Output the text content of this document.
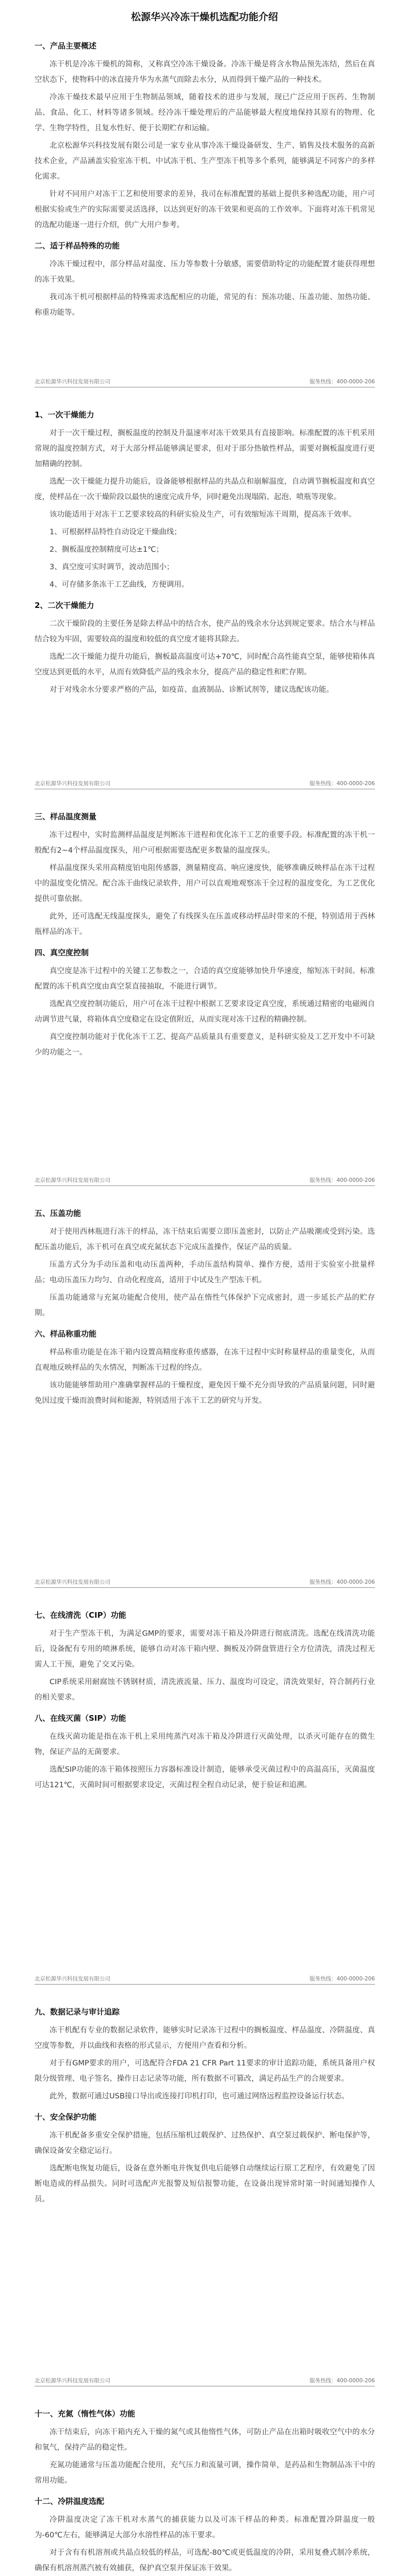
松源华兴冷冻干燥机选配功能介绍
一、产品主要概述

冻干机是冷冻干燥机的简称，又称真空冷冻干燥设备。冷冻干燥是将含水物品预先冻结，然后在真空状态下，使物料中的冰直接升华为水蒸气而除去水分，从而得到干燥产品的一种技术。

冷冻干燥技术最早应用于生物制品领域，随着技术的进步与发展，现已广泛应用于医药、生物制品、食品、化工、材料等诸多领域。经冷冻干燥处理后的产品能够最大程度地保持其原有的物理、化学、生物学特性，且复水性好、便于长期贮存和运输。

北京松源华兴科技发展有限公司是一家专业从事冷冻干燥设备研发、生产、销售及技术服务的高新技术企业，产品涵盖实验室冻干机、中试冻干机、生产型冻干机等多个系列，能够满足不同客户的多样化需求。

针对不同用户对冻干工艺和使用要求的差异，我司在标准配置的基础上提供多种选配功能，用户可根据实验或生产的实际需要灵活选择，以达到更好的冻干效果和更高的工作效率。下面将对冻干机常见的选配功能逐一进行介绍，供广大用户参考。

二、适于样品特殊的功能

冷冻干燥过程中，部分样品对温度、压力等参数十分敏感，需要借助特定的功能配置才能获得理想的冻干效果。

我司冻干机可根据样品的特殊需求选配相应的功能，常见的有：预冻功能、压盖功能、加热功能、称重功能等。

北京松源华兴科技发展有限公司	服务热线：400-0000-206
1、一次干燥能力

对于一次干燥过程，搁板温度的控制及升温速率对冻干效果具有直接影响。标准配置的冻干机采用常规的温度控制方式，对于大部分样品能够满足要求，但对于部分热敏性样品，需要对搁板温度进行更加精确的控制。

选配一次干燥能力提升功能后，设备能够根据样品的共晶点和崩解温度，自动调节搁板温度和真空度，使样品在一次干燥阶段以最快的速度完成升华，同时避免出现塌陷、起泡、喷瓶等现象。

该功能适用于对冻干工艺要求较高的科研实验及生产，可有效缩短冻干周期，提高冻干效率。

1、可根据样品特性自动设定干燥曲线；

2、搁板温度控制精度可达±1℃；

3、真空度可实时调节，波动范围小；

4、可存储多条冻干工艺曲线，方便调用。

2、二次干燥能力

二次干燥阶段的主要任务是除去样品中的结合水，使产品的残余水分达到规定要求。结合水与样品结合较为牢固，需要较高的温度和较低的真空度才能将其除去。

选配二次干燥能力提升功能后，搁板最高温度可达+70℃，同时配合高性能真空泵，能够使箱体真空度达到更低的水平，从而有效降低产品的残余水分，提高产品的稳定性和贮存期。

对于对残余水分要求严格的产品，如疫苗、血液制品、诊断试剂等，建议选配该功能。

北京松源华兴科技发展有限公司	服务热线：400-0000-206
三、样品温度测量

冻干过程中，实时监测样品温度是判断冻干进程和优化冻干工艺的重要手段。标准配置的冻干机一般配有2~4个样品温度探头，用户可根据需要选配更多数量的温度探头。

样品温度探头采用高精度铂电阻传感器，测量精度高、响应速度快，能够准确反映样品在冻干过程中的温度变化情况。配合冻干曲线记录软件，用户可以直观地观察冻干全过程的温度变化，为工艺优化提供可靠依据。

此外，还可选配无线温度探头，避免了有线探头在压盖或移动样品时带来的不便，特别适用于西林瓶样品的冻干。

四、真空度控制

真空度是冻干过程中的关键工艺参数之一，合适的真空度能够加快升华速度，缩短冻干时间。标准配置的冻干机真空度由真空泵直接抽取，不能进行调节。

选配真空度控制功能后，用户可在冻干过程中根据工艺要求设定真空度，系统通过精密的电磁阀自动调节进气量，将箱体真空度稳定在设定值附近，从而实现对冻干过程的精确控制。

真空度控制功能对于优化冻干工艺、提高产品质量具有重要意义，是科研实验及工艺开发中不可缺少的功能之一。

北京松源华兴科技发展有限公司	服务热线：400-0000-206
五、压盖功能

对于使用西林瓶进行冻干的样品，冻干结束后需要立即压盖密封，以防止产品吸潮或受到污染。选配压盖功能后，冻干机可在真空或充氮状态下完成压盖操作，保证产品的质量。

压盖方式分为手动压盖和电动压盖两种，手动压盖结构简单、操作方便，适用于实验室小批量样品；电动压盖压力均匀、自动化程度高，适用于中试及生产型冻干机。

压盖功能通常与充氮功能配合使用，使产品在惰性气体保护下完成密封，进一步延长产品的贮存期。

六、样品称重功能

样品称重功能是在冻干箱内设置高精度称重传感器，在冻干过程中实时称量样品的重量变化，从而直观地反映样品的失水情况，判断冻干过程的终点。

该功能能够帮助用户准确掌握样品的干燥程度，避免因干燥不充分而导致的产品质量问题，同时避免因过度干燥而浪费时间和能源，特别适用于冻干工艺的研究与开发。

北京松源华兴科技发展有限公司	服务热线：400-0000-206
七、在线清洗（CIP）功能

对于生产型冻干机，为满足GMP的要求，需要对冻干箱及冷阱进行彻底清洗。选配在线清洗功能后，设备配有专用的喷淋系统，能够自动对冻干箱内壁、搁板及冷阱盘管进行全方位清洗，清洗过程无需人工干预，避免了交叉污染。

CIP系统采用耐腐蚀不锈钢材质，清洗液流量、压力、温度均可设定，清洗效果好，符合制药行业的相关要求。

八、在线灭菌（SIP）功能

在线灭菌功能是指在冻干机上采用纯蒸汽对冻干箱及冷阱进行灭菌处理，以杀灭可能存在的微生物，保证产品的无菌要求。

选配SIP功能的冻干箱体按照压力容器标准设计制造，能够承受灭菌过程中的高温高压，灭菌温度可达121℃，灭菌时间可根据要求设定，灭菌过程全程自动记录，便于验证和追溯。

北京松源华兴科技发展有限公司	服务热线：400-0000-206
九、数据记录与审计追踪

冻干机配有专业的数据记录软件，能够实时记录冻干过程中的搁板温度、样品温度、冷阱温度、真空度等参数，并以曲线和表格的形式显示，方便用户查看和分析。

对于有GMP要求的用户，可选配符合FDA 21 CFR Part 11要求的审计追踪功能，系统具备用户权限分级管理、电子签名、操作日志记录等功能，所有数据不可篡改，满足药品生产的合规要求。

此外，数据可通过USB接口导出或连接打印机打印，也可通过网络远程监控设备运行状态。

十、安全保护功能

冻干机配备多重安全保护措施，包括压缩机过载保护、过热保护、真空泵过载保护、断电保护等，确保设备安全稳定运行。

选配断电恢复功能后，设备在意外断电并恢复供电后能够自动继续运行原工艺程序，有效避免了因断电造成的样品损失。同时可选配声光报警及短信报警功能，在设备出现异常时第一时间通知操作人员。

北京松源华兴科技发展有限公司	服务热线：400-0000-206
十一、充氮（惰性气体）功能

冻干结束后，向冻干箱内充入干燥的氮气或其他惰性气体，可防止产品在出箱时吸收空气中的水分和氧气，保持产品的稳定性。

充氮功能通常与压盖功能配合使用，充气压力和流量可调，操作简单，是药品和生物制品冻干中的常用功能。

十二、冷阱温度选配

冷阱温度决定了冻干机对水蒸气的捕获能力以及可冻干样品的种类。标准配置冷阱温度一般为-60℃左右，能够满足大部分水溶性样品的冻干要求。

对于含有有机溶剂或共晶点较低的样品，可选配-80℃或更低温度的冷阱，采用复叠式制冷系统，确保有机溶剂蒸汽被有效捕获，保护真空泵并保证冻干效果。
